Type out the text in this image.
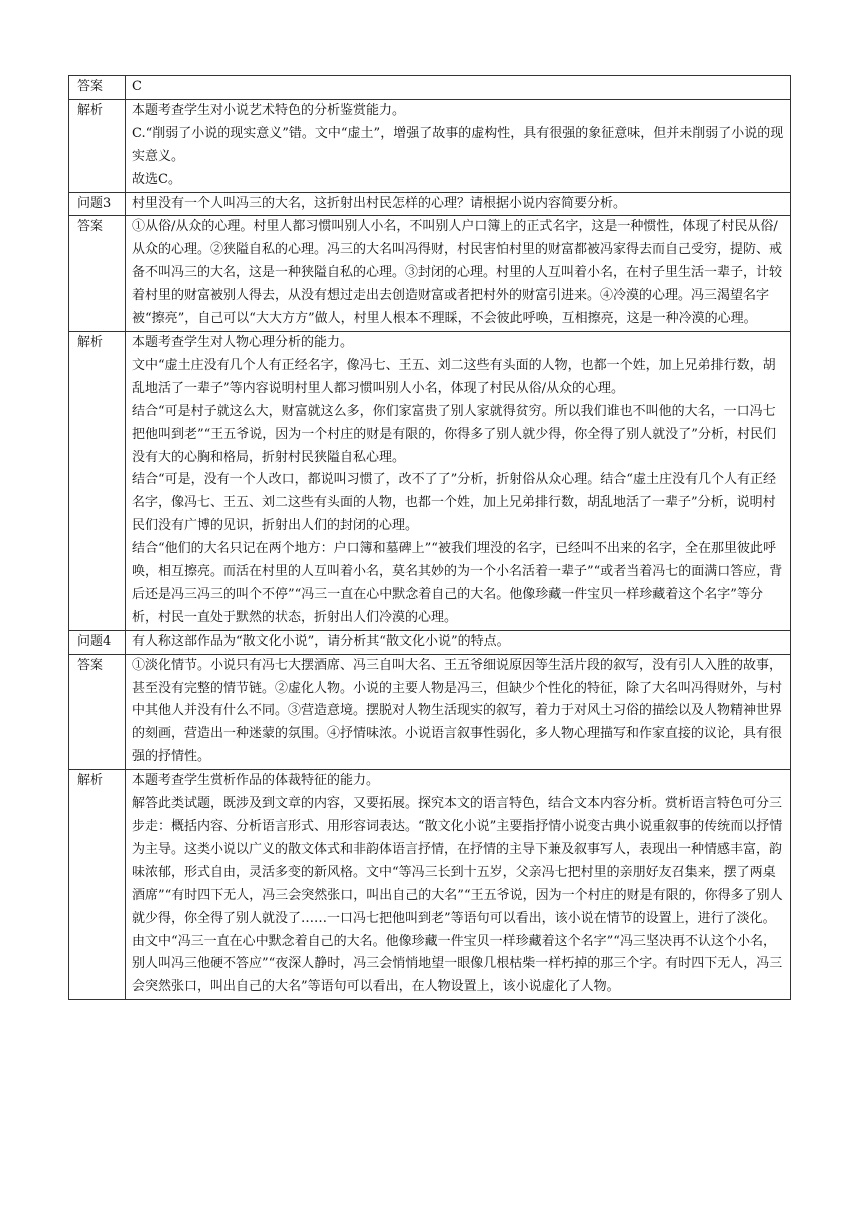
答案	C

解析	本题考查学生对小说艺术特色的分析鉴赏能力。

C.“削弱了小说的现实意义”错。文中“虚土”，增强了故事的虚构性，具有很强的象征意味，但并未削弱了小说的现实意义。

故选C。

问题3	村里没有一个人叫冯三的大名，这折射出村民怎样的心理？请根据小说内容简要分析。

答案	①从俗/从众的心理。村里人都习惯叫别人小名，不叫别人户口簿上的正式名字，这是一种惯性，体现了村民从俗/从众的心理。②狭隘自私的心理。冯三的大名叫冯得财，村民害怕村里的财富都被冯家得去而自己受穷，提防、戒备不叫冯三的大名，这是一种狭隘自私的心理。③封闭的心理。村里的人互叫着小名，在村子里生活一辈子，计较着村里的财富被别人得去，从没有想过走出去创造财富或者把村外的财富引进来。④冷漠的心理。冯三渴望名字被“擦亮”，自己可以“大大方方”做人，村里人根本不理睬，不会彼此呼唤，互相擦亮，这是一种冷漠的心理。

解析	本题考查学生对人物心理分析的能力。

文中“虚土庄没有几个人有正经名字，像冯七、王五、刘二这些有头面的人物，也都一个姓，加上兄弟排行数，胡乱地活了一辈子”等内容说明村里人都习惯叫别人小名，体现了村民从俗/从众的心理。

结合“可是村子就这么大，财富就这么多，你们家富贵了别人家就得贫穷。所以我们谁也不叫他的大名，一口冯七把他叫到老”“王五爷说，因为一个村庄的财是有限的，你得多了别人就少得，你全得了别人就没了”分析，村民们没有大的心胸和格局，折射村民狭隘自私心理。

结合“可是，没有一个人改口，都说叫习惯了，改不了了”分析，折射俗从众心理。结合“虚土庄没有几个人有正经名字，像冯七、王五、刘二这些有头面的人物，也都一个姓，加上兄弟排行数，胡乱地活了一辈子”分析，说明村民们没有广博的见识，折射出人们的封闭的心理。

结合“他们的大名只记在两个地方：户口簿和墓碑上”“被我们埋没的名字，已经叫不出来的名字，全在那里彼此呼唤，相互擦亮。而活在村里的人互叫着小名，莫名其妙的为一个小名活着一辈子”“或者当着冯七的面满口答应，背后还是冯三冯三的叫个不停”“冯三一直在心中默念着自己的大名。他像珍藏一件宝贝一样珍藏着这个名字”等分析，村民一直处于默然的状态，折射出人们冷漠的心理。

问题4	有人称这部作品为“散文化小说”，请分析其“散文化小说”的特点。

答案	①淡化情节。小说只有冯七大摆酒席、冯三自叫大名、王五爷细说原因等生活片段的叙写，没有引人入胜的故事，甚至没有完整的情节链。②虚化人物。小说的主要人物是冯三，但缺少个性化的特征，除了大名叫冯得财外，与村中其他人并没有什么不同。③营造意境。摆脱对人物生活现实的叙写，着力于对风土习俗的描绘以及人物精神世界的刻画，营造出一种迷蒙的氛围。④抒情味浓。小说语言叙事性弱化，多人物心理描写和作家直接的议论，具有很强的抒情性。

解析	本题考查学生赏析作品的体裁特征的能力。

解答此类试题，既涉及到文章的内容，又要拓展。探究本文的语言特色，结合文本内容分析。赏析语言特色可分三步走：概括内容、分析语言形式、用形容词表达。“散文化小说”主要指抒情小说变古典小说重叙事的传统而以抒情为主导。这类小说以广义的散文体式和非韵体语言抒情，在抒情的主导下兼及叙事写人，表现出一种情感丰富，韵味浓郁，形式自由，灵活多变的新风格。文中“等冯三长到十五岁，父亲冯七把村里的亲朋好友召集来，摆了两桌酒席”“有时四下无人，冯三会突然张口，叫出自己的大名”“王五爷说，因为一个村庄的财是有限的，你得多了别人就少得，你全得了别人就没了……一口冯七把他叫到老”等语句可以看出，该小说在情节的设置上，进行了淡化。

由文中“冯三一直在心中默念着自己的大名。他像珍藏一件宝贝一样珍藏着这个名字”“冯三坚决再不认这个小名，别人叫冯三他硬不答应”“夜深人静时，冯三会悄悄地望一眼像几根枯柴一样朽掉的那三个字。有时四下无人，冯三会突然张口，叫出自己的大名”等语句可以看出，在人物设置上，该小说虚化了人物。
